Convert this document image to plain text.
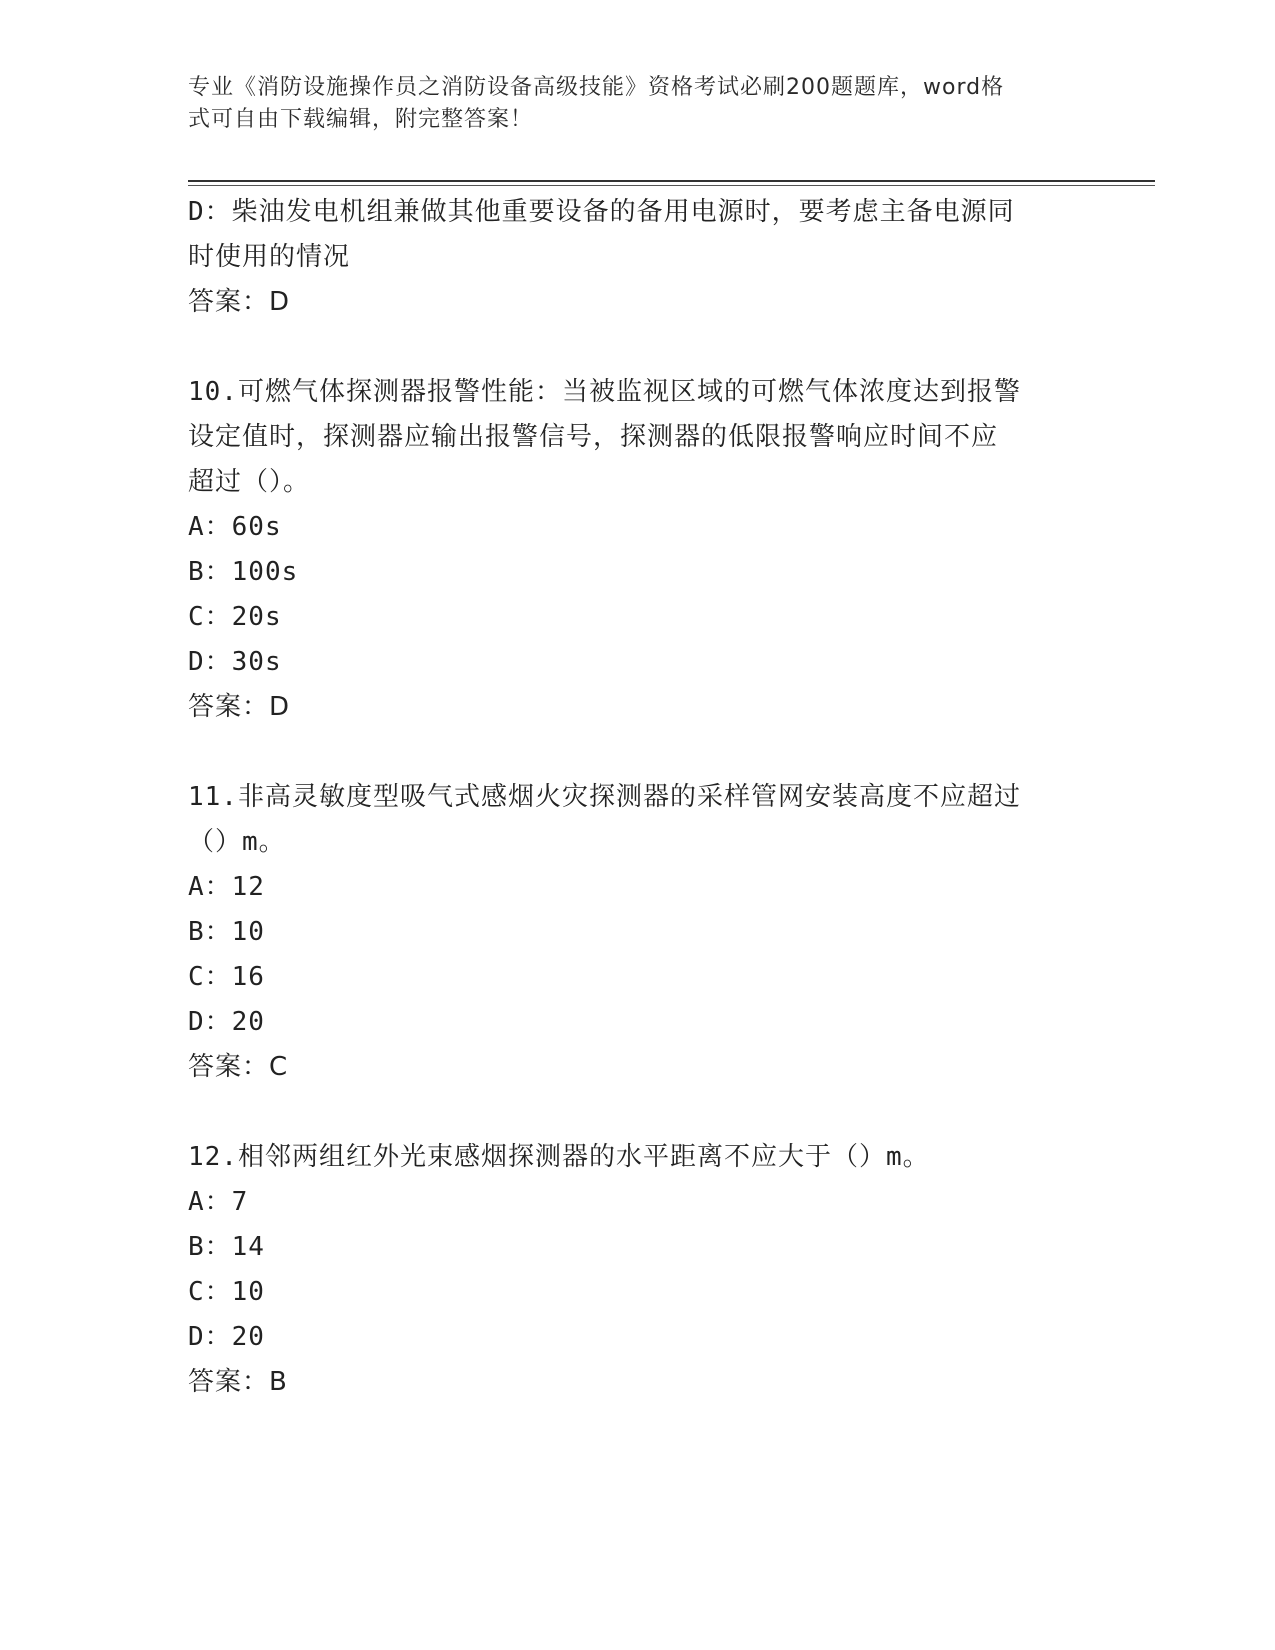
专业《消防设施操作员之消防设备高级技能》资格考试必刷200题题库，word格
式可自由下载编辑，附完整答案！
D：柴油发电机组兼做其他重要设备的备用电源时，要考虑主备电源同
时使用的情况
答案：D
10.可燃气体探测器报警性能：当被监视区域的可燃气体浓度达到报警
设定值时，探测器应输出报警信号，探测器的低限报警响应时间不应
超过（）。
A：60s
B：100s
C：20s
D：30s
答案：D
11.非高灵敏度型吸气式感烟火灾探测器的采样管网安装高度不应超过
（）m。
A：12
B：10
C：16
D：20
答案：C
12.相邻两组红外光束感烟探测器的水平距离不应大于（）m。
A：7
B：14
C：10
D：20
答案：B
